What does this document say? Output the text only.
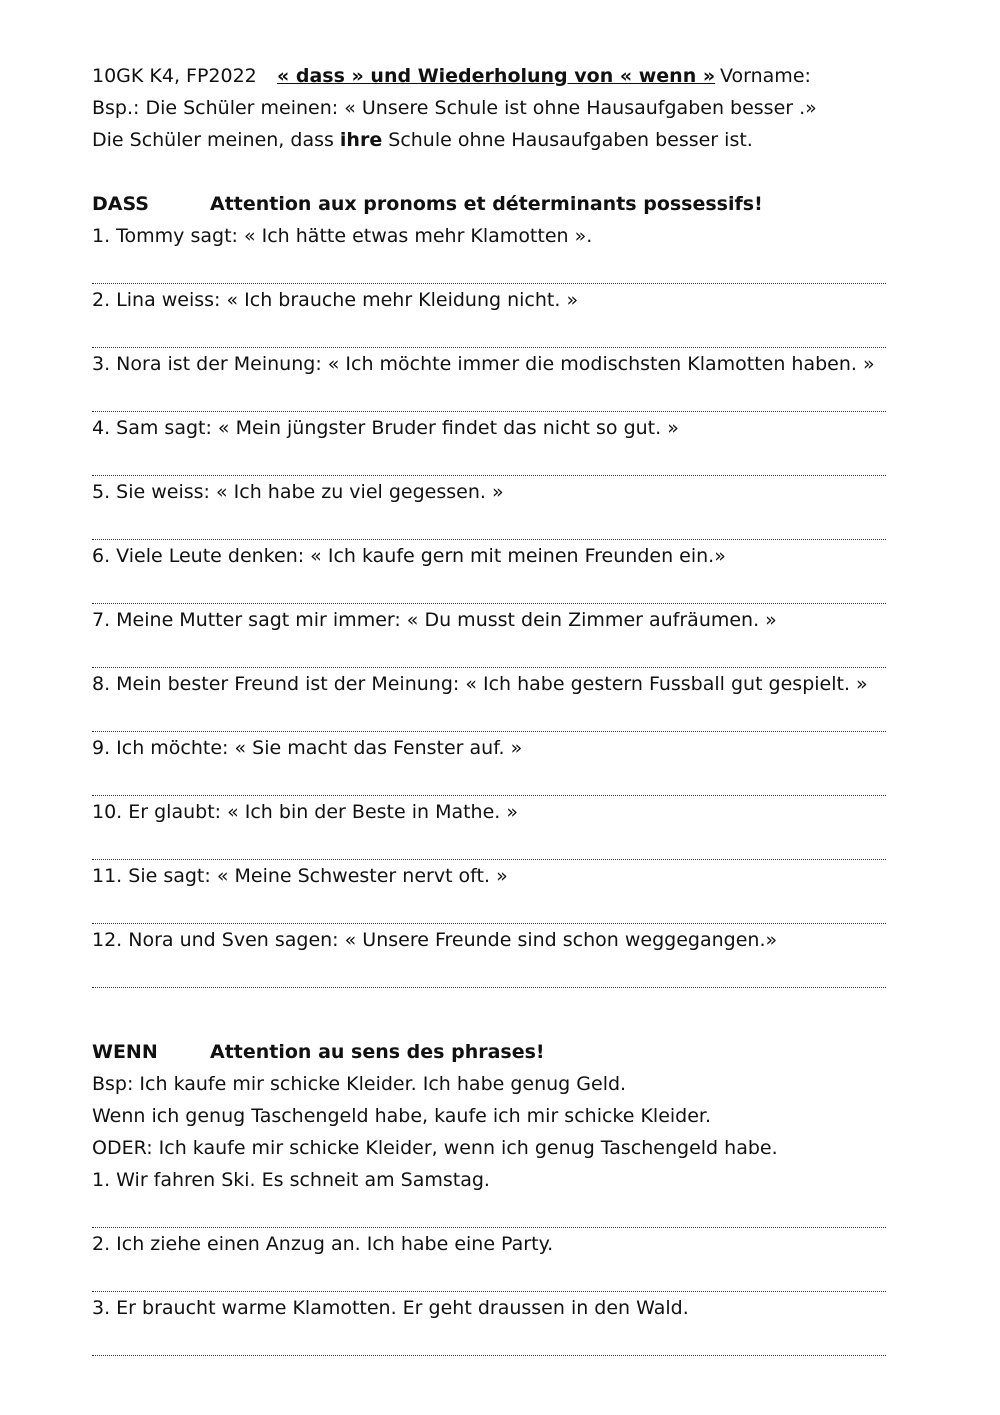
10GK K4, FP2022	« dass » und Wiederholung von « wenn » Vorname:
Bsp.: Die Schüler meinen: « Unsere Schule ist ohne Hausaufgaben besser .»
Die Schüler meinen, dass ihre Schule ohne Hausaufgaben besser ist.
DASS	Attention aux pronoms et déterminants possessifs!
1. Tommy sagt: « Ich hätte etwas mehr Klamotten ».
2. Lina weiss: « Ich brauche mehr Kleidung nicht. »
3. Nora ist der Meinung: « Ich möchte immer die modischsten Klamotten haben. »
4. Sam sagt: « Mein jüngster Bruder findet das nicht so gut. »
5. Sie weiss: « Ich habe zu viel gegessen. »
6. Viele Leute denken: « Ich kaufe gern mit meinen Freunden ein.»
7. Meine Mutter sagt mir immer: « Du musst dein Zimmer aufräumen. »
8. Mein bester Freund ist der Meinung: « Ich habe gestern Fussball gut gespielt. »
9. Ich möchte: « Sie macht das Fenster auf. »
10. Er glaubt: « Ich bin der Beste in Mathe. »
11. Sie sagt: « Meine Schwester nervt oft. »
12. Nora und Sven sagen: « Unsere Freunde sind schon weggegangen.»
WENN	Attention au sens des phrases!
Bsp: Ich kaufe mir schicke Kleider. Ich habe genug Geld.
Wenn ich genug Taschengeld habe, kaufe ich mir schicke Kleider.
ODER: Ich kaufe mir schicke Kleider, wenn ich genug Taschengeld habe.
1. Wir fahren Ski. Es schneit am Samstag.
2. Ich ziehe einen Anzug an. Ich habe eine Party.
3. Er braucht warme Klamotten. Er geht draussen in den Wald.
